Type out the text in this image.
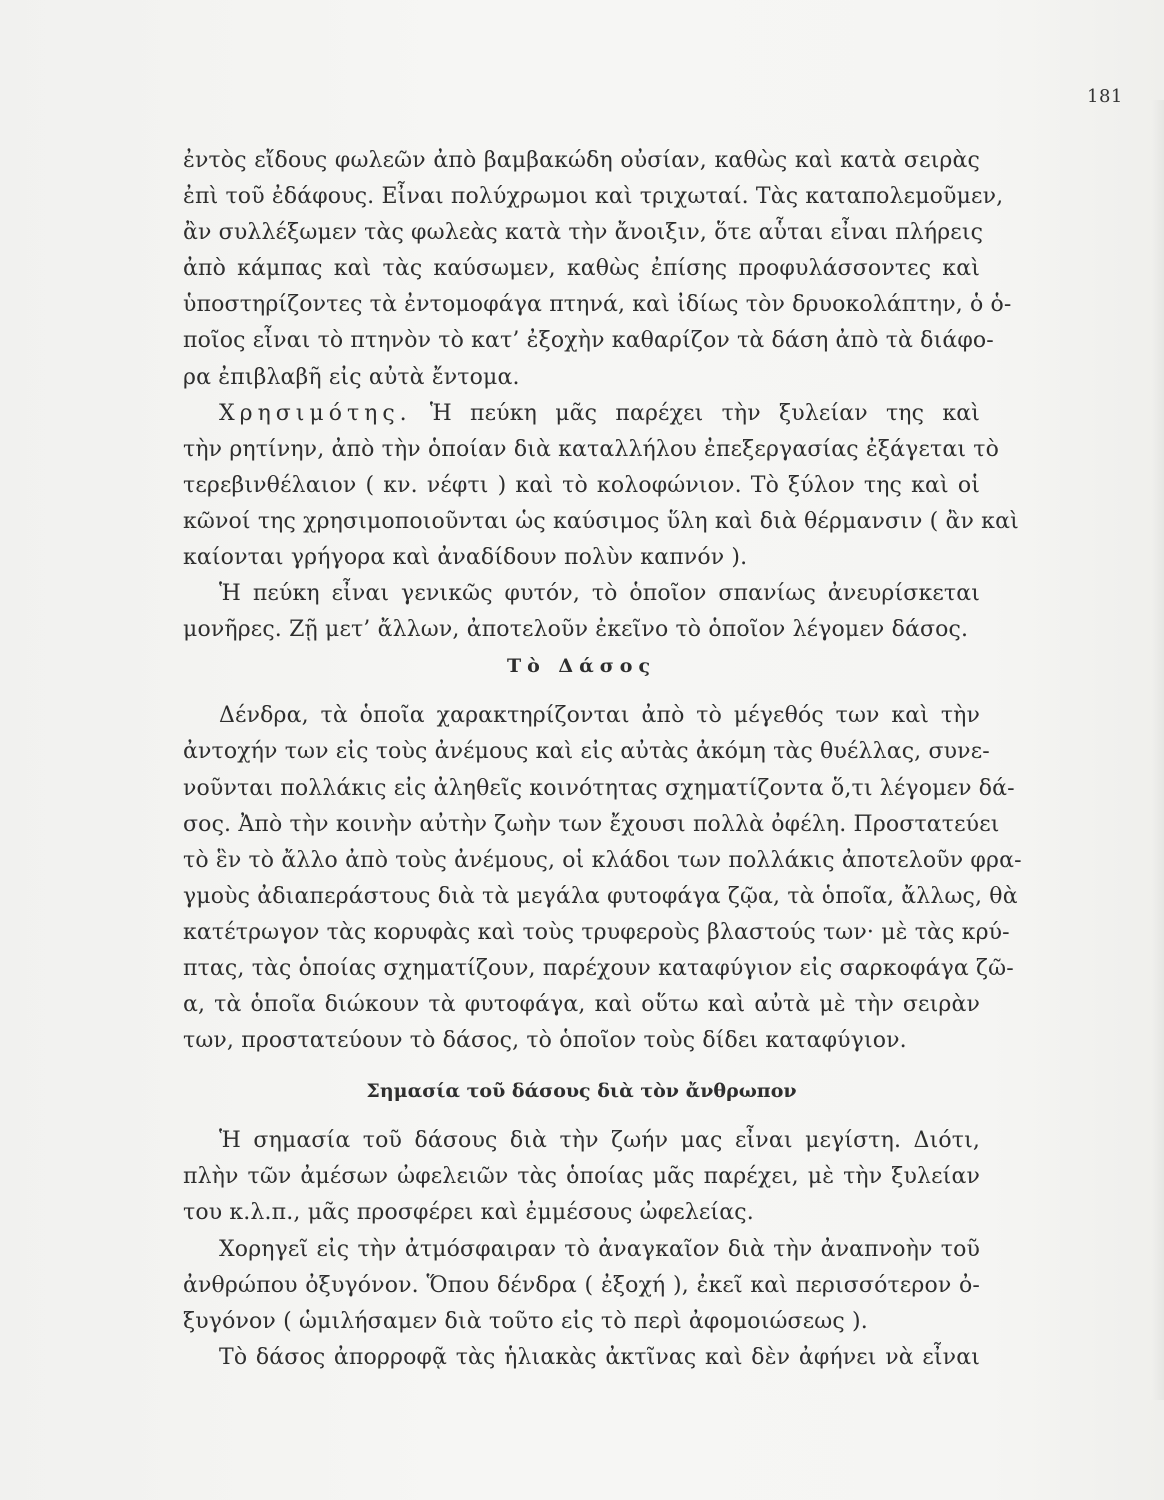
181
ἐντὸς εἴδους φωλεῶν ἀπὸ βαμβακώδη οὐσίαν, καθὼς καὶ κατὰ σειρὰς
ἐπὶ τοῦ ἐδάφους. Εἶναι πολύχρωμοι καὶ τριχωταί. Τὰς καταπολεμοῦμεν,
ἂν συλλέξωμεν τὰς φωλεὰς κατὰ τὴν ἄνοιξιν, ὅτε αὗται εἶναι πλήρεις
ἀπὸ κάμπας καὶ τὰς καύσωμεν, καθὼς ἐπίσης προφυλάσσοντες καὶ
ὑποστηρίζοντες τὰ ἐντομοφάγα πτηνά, καὶ ἰδίως τὸν δρυοκολάπτην, ὁ ὁ-
ποῖος εἶναι τὸ πτηνὸν τὸ κατ’ ἐξοχὴν καθαρίζον τὰ δάση ἀπὸ τὰ διάφο-
ρα ἐπιβλαβῆ εἰς αὐτὰ ἔντομα.
Χρησιμότης. Ἡ πεύκη μᾶς παρέχει τὴν ξυλείαν της καὶ
τὴν ρητίνην, ἀπὸ τὴν ὁποίαν διὰ καταλλήλου ἐπεξεργασίας ἐξάγεται τὸ
τερεβινθέλαιον ( κν. νέφτι ) καὶ τὸ κολοφώνιον. Τὸ ξύλον της καὶ οἱ
κῶνοί της χρησιμοποιοῦνται ὡς καύσιμος ὕλη καὶ διὰ θέρμανσιν ( ἂν καὶ
καίονται γρήγορα καὶ ἀναδίδουν πολὺν καπνόν ).
Ἡ πεύκη εἶναι γενικῶς φυτόν, τὸ ὁποῖον σπανίως ἀνευρίσκεται
μονῆρες. Ζῇ μετ’ ἄλλων, ἀποτελοῦν ἐκεῖνο τὸ ὁποῖον λέγομεν δάσος.
Τὸ Δάσος
Δένδρα, τὰ ὁποῖα χαρακτηρίζονται ἀπὸ τὸ μέγεθός των καὶ τὴν
ἀντοχήν των εἰς τοὺς ἀνέμους καὶ εἰς αὐτὰς ἀκόμη τὰς θυέλλας, συνε-
νοῦνται πολλάκις εἰς ἀληθεῖς κοινότητας σχηματίζοντα ὅ,τι λέγομεν δά-
σος. Ἀπὸ τὴν κοινὴν αὐτὴν ζωὴν των ἔχουσι πολλὰ ὀφέλη. Προστατεύει
τὸ ἓν τὸ ἄλλο ἀπὸ τοὺς ἀνέμους, οἱ κλάδοι των πολλάκις ἀποτελοῦν φρα-
γμοὺς ἀδιαπεράστους διὰ τὰ μεγάλα φυτοφάγα ζῷα, τὰ ὁποῖα, ἄλλως, θὰ
κατέτρωγον τὰς κορυφὰς καὶ τοὺς τρυφεροὺς βλαστούς των· μὲ τὰς κρύ-
πτας, τὰς ὁποίας σχηματίζουν, παρέχουν καταφύγιον εἰς σαρκοφάγα ζῶ-
α, τὰ ὁποῖα διώκουν τὰ φυτοφάγα, καὶ οὕτω καὶ αὐτὰ μὲ τὴν σειρὰν
των, προστατεύουν τὸ δάσος, τὸ ὁποῖον τοὺς δίδει καταφύγιον.
Σημασία τοῦ δάσους διὰ τὸν ἄνθρωπον
Ἡ σημασία τοῦ δάσους διὰ τὴν ζωήν μας εἶναι μεγίστη. Διότι,
πλὴν τῶν ἀμέσων ὠφελειῶν τὰς ὁποίας μᾶς παρέχει, μὲ τὴν ξυλείαν
του κ.λ.π., μᾶς προσφέρει καὶ ἐμμέσους ὠφελείας.
Χορηγεῖ εἰς τὴν ἀτμόσφαιραν τὸ ἀναγκαῖον διὰ τὴν ἀναπνοὴν τοῦ
ἀνθρώπου ὀξυγόνον. Ὅπου δένδρα ( ἐξοχή ), ἐκεῖ καὶ περισσότερον ὀ-
ξυγόνον ( ὡμιλήσαμεν διὰ τοῦτο εἰς τὸ περὶ ἀφομοιώσεως ).
Τὸ δάσος ἀπορροφᾷ τὰς ἡλιακὰς ἀκτῖνας καὶ δὲν ἀφήνει νὰ εἶναι
